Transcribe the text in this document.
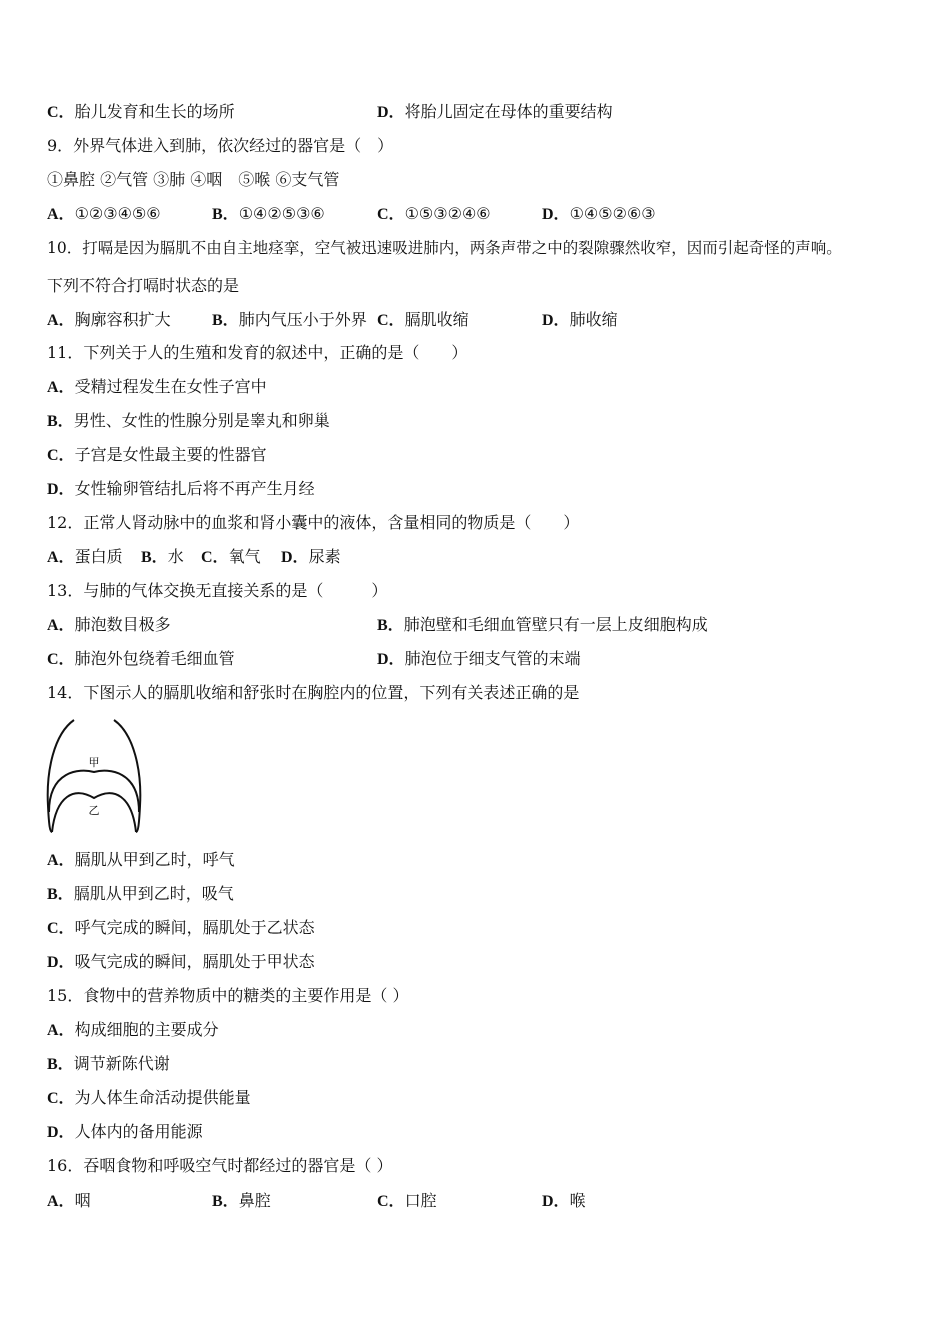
C．胎儿发育和生长的场所	D．将胎儿固定在母体的重要结构
9．外界气体进入到肺，依次经过的器官是（　）
①鼻腔 ②气管 ③肺 ④咽　⑤喉 ⑥支气管
A．①②③④⑤⑥	B．①④②⑤③⑥	C．①⑤③②④⑥	D．①④⑤②⑥③
10．打嗝是因为膈肌不由自主地痉挛，空气被迅速吸进肺内，两条声带之中的裂隙骤然收窄，因而引起奇怪的声响。
下列不符合打嗝时状态的是
A．胸廓容积扩大	B．肺内气压小于外界 C．膈肌收缩	D．肺收缩
11．下列关于人的生殖和发育的叙述中，正确的是（　　）
A．受精过程发生在女性子宫中
B．男性、女性的性腺分别是睾丸和卵巢
C．子宫是女性最主要的性器官
D．女性输卵管结扎后将不再产生月经
12．正常人肾动脉中的血浆和肾小囊中的液体，含量相同的物质是（　　）
A．蛋白质 B．水 C．氧气 D．尿素
13．与肺的气体交换无直接关系的是（　　　）
A．肺泡数目极多	B．肺泡壁和毛细血管壁只有一层上皮细胞构成
C．肺泡外包绕着毛细血管	D．肺泡位于细支气管的末端
14．下图示人的膈肌收缩和舒张时在胸腔内的位置，下列有关表述正确的是
甲
乙
A．膈肌从甲到乙时，呼气
B．膈肌从甲到乙时，吸气
C．呼气完成的瞬间，膈肌处于乙状态
D．吸气完成的瞬间，膈肌处于甲状态
15．食物中的营养物质中的糖类的主要作用是（ ）
A．构成细胞的主要成分
B．调节新陈代谢
C．为人体生命活动提供能量
D．人体内的备用能源
16．吞咽食物和呼吸空气时都经过的器官是（ ）
A．咽	B．鼻腔	C．口腔	D．喉
